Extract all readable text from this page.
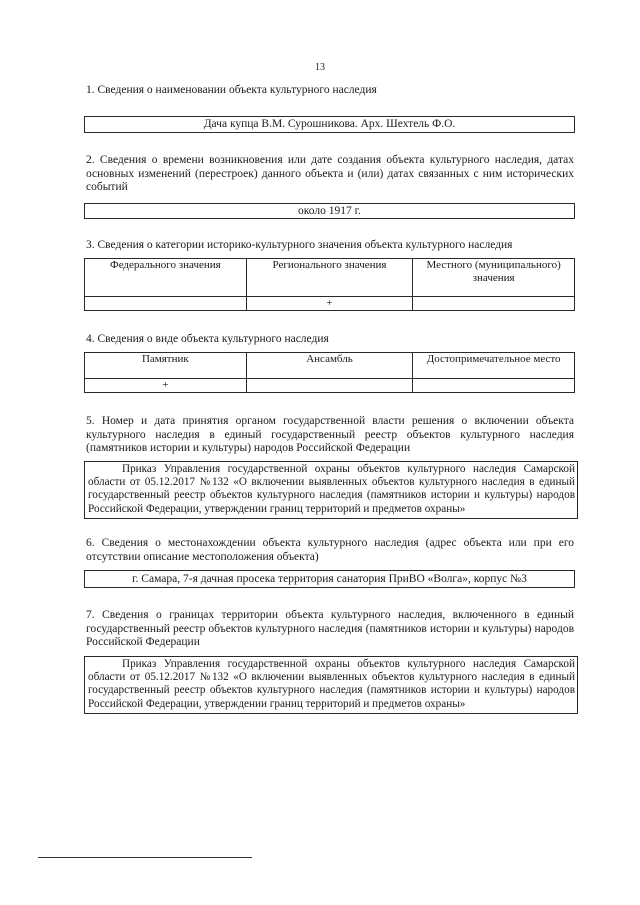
13
1. Сведения о наименовании объекта культурного наследия
Дача купца В.М. Сурошникова. Арх. Шехтель Ф.О.
2. Сведения о времени возникновения или дате создания объекта культурного наследия, датах основных изменений (перестроек) данного объекта и (или) датах связанных с ним исторических событий
около 1917 г.
3. Сведения о категории историко-культурного значения объекта культурного наследия
Федерального значения	Регионального значения	Местного (муниципального) значения
	+	
4. Сведения о виде объекта культурного наследия
Памятник	Ансамбль	Достопримечательное место
+		
5. Номер и дата принятия органом государственной власти решения о включении объекта культурного наследия в единый государственный реестр объектов культурного наследия (памятников истории и культуры) народов Российской Федерации
Приказ Управления государственной охраны объектов культурного наследия Самарской области от 05.12.2017 №132 «О включении выявленных объектов культурного наследия в единый государственный реестр объектов культурного наследия (памятников истории и культуры) народов Российской Федерации, утверждении границ территорий и предметов охраны»
6. Сведения о местонахождении объекта культурного наследия (адрес объекта или при его отсутствии описание местоположения объекта)
г. Самара, 7-я дачная просека территория санатория ПриВО «Волга», корпус №3
7. Сведения о границах территории объекта культурного наследия, включенного в единый государственный реестр объектов культурного наследия (памятников истории и культуры) народов Российской Федерации
Приказ Управления государственной охраны объектов культурного наследия Самарской области от 05.12.2017 №132 «О включении выявленных объектов культурного наследия в единый государственный реестр объектов культурного наследия (памятников истории и культуры) народов Российской Федерации, утверждении границ территорий и предметов охраны»
